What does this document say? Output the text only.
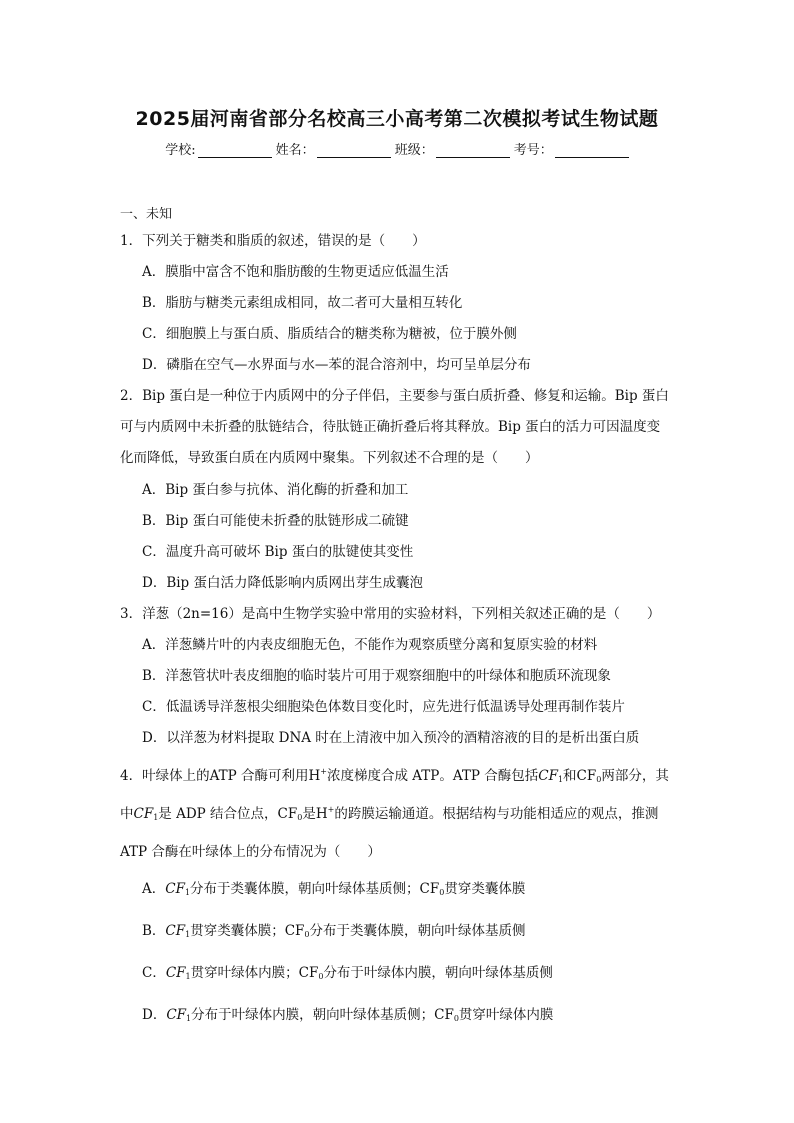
2025届河南省部分名校高三小高考第二次模拟考试生物试题
学校:	姓名：	班级：	考号：
一、未知
1．下列关于糖类和脂质的叙述，错误的是（　　）
A．膜脂中富含不饱和脂肪酸的生物更适应低温生活
B．脂肪与糖类元素组成相同，故二者可大量相互转化
C．细胞膜上与蛋白质、脂质结合的糖类称为糖被，位于膜外侧
D．磷脂在空气—水界面与水—苯的混合溶剂中，均可呈单层分布
2．Bip 蛋白是一种位于内质网中的分子伴侣，主要参与蛋白质折叠、修复和运输。Bip 蛋白
可与内质网中未折叠的肽链结合，待肽链正确折叠后将其释放。Bip 蛋白的活力可因温度变
化而降低，导致蛋白质在内质网中聚集。下列叙述不合理的是（　　）
A．Bip 蛋白参与抗体、消化酶的折叠和加工
B．Bip 蛋白可能使未折叠的肽链形成二硫键
C．温度升高可破坏 Bip 蛋白的肽键使其变性
D．Bip 蛋白活力降低影响内质网出芽生成囊泡
3．洋葱（2n=16）是高中生物学实验中常用的实验材料，下列相关叙述正确的是（　　）
A．洋葱鳞片叶的内表皮细胞无色，不能作为观察质壁分离和复原实验的材料
B．洋葱管状叶表皮细胞的临时装片可用于观察细胞中的叶绿体和胞质环流现象
C．低温诱导洋葱根尖细胞染色体数目变化时，应先进行低温诱导处理再制作装片
D．以洋葱为材料提取 DNA 时在上清液中加入预冷的酒精溶液的目的是析出蛋白质
4．叶绿体上的ATP 合酶可利用H+浓度梯度合成 ATP。ATP 合酶包括$CF_1$和$CF_0$两部分，其
中$CF_1$是 ADP 结合位点，$CF_0$是H+的跨膜运输通道。根据结构与功能相适应的观点，推测
ATP 合酶在叶绿体上的分布情况为（　　）
A．$CF_1$分布于类囊体膜，朝向叶绿体基质侧；$CF_0$贯穿类囊体膜
B．$CF_1$贯穿类囊体膜；$CF_0$分布于类囊体膜，朝向叶绿体基质侧
C．$CF_1$贯穿叶绿体内膜；$CF_0$分布于叶绿体内膜，朝向叶绿体基质侧
D．$CF_1$分布于叶绿体内膜，朝向叶绿体基质侧；$CF_0$贯穿叶绿体内膜
